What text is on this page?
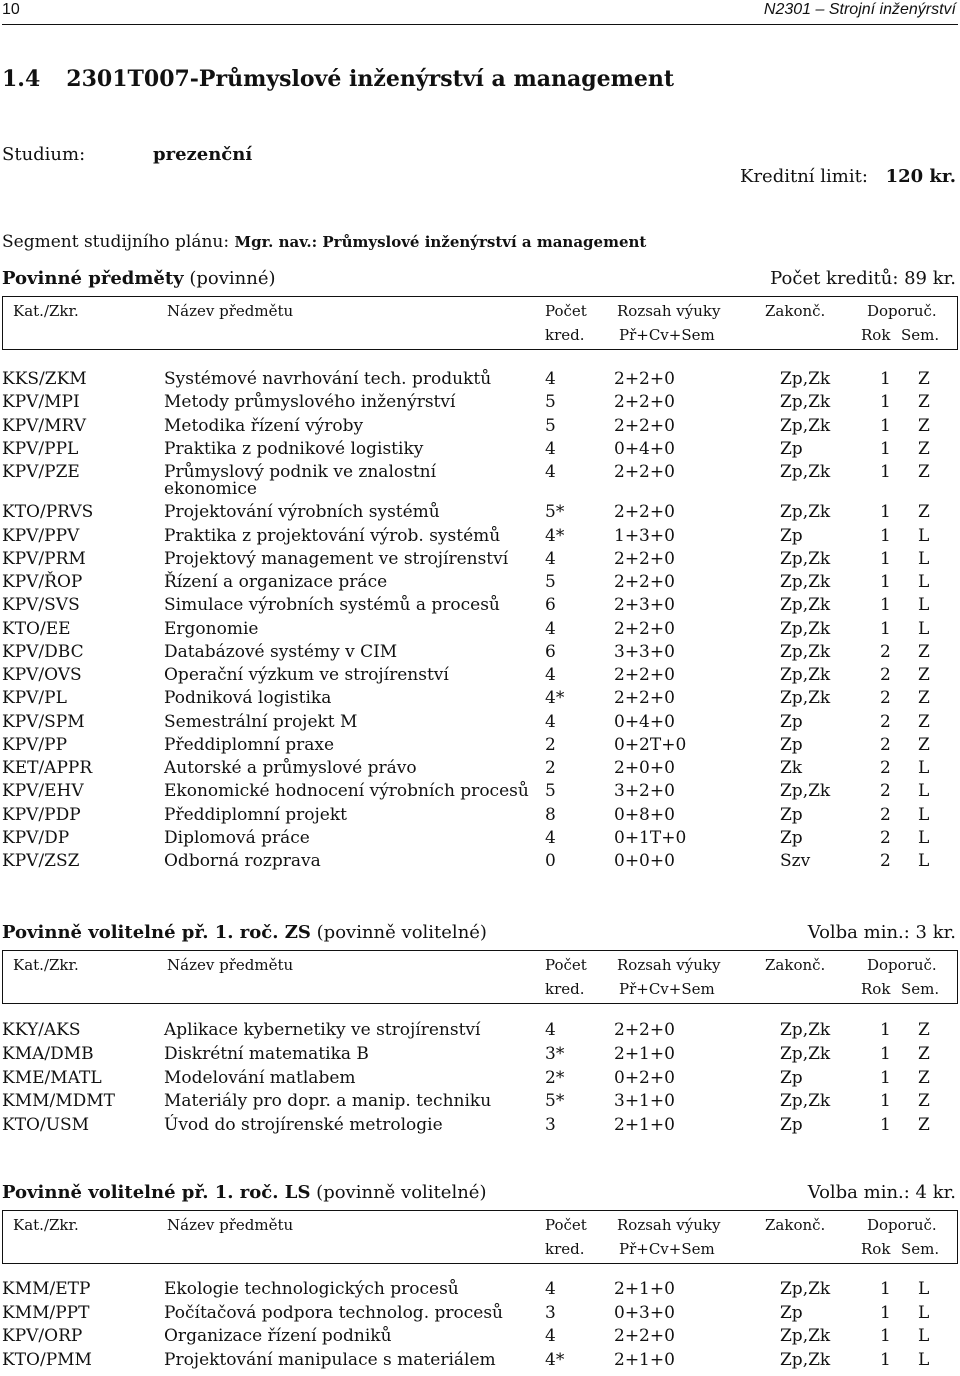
10	N2301 – Strojní inženýrství
1.4 2301T007-Průmyslové inženýrství a management
Studium:	prezenční
Kreditní limit: 120 kr.
Segment studijního plánu: Mgr. nav.: Průmyslové inženýrství a management
Povinné předměty (povinné)	Počet kreditů: 89 kr.
Kat./Zkr.	Název předmětu	Počet Rozsah výuky	Zakonč.	Doporuč.
kred. Př+Cv+Sem	Rok Sem.
KKS/ZKM	Systémové navrhování tech. produktů	4	2+2+0	Zp,Zk	1 Z
KPV/MPI	Metody průmyslového inženýrství	5	2+2+0	Zp,Zk	1 Z
KPV/MRV	Metodika řízení výroby	5	2+2+0	Zp,Zk	1 Z
KPV/PPL	Praktika z podnikové logistiky	4	0+4+0	Zp	1 Z
KPV/PZE	Průmyslový podnik ve znalostní
ekonomice
4	2+2+0	Zp,Zk	1 Z
KTO/PRVS	Projektování výrobních systémů	5*	2+2+0	Zp,Zk	1 Z
KPV/PPV	Praktika z projektování výrob. systémů	4*	1+3+0	Zp	1 L
KPV/PRM	Projektový management ve strojírenství 4	2+2+0	Zp,Zk	1 L
KPV/ŘOP	Řízení a organizace práce	5	2+2+0	Zp,Zk	1 L
KPV/SVS	Simulace výrobních systémů a procesů	6	2+3+0	Zp,Zk	1 L
KTO/EE	Ergonomie	4	2+2+0	Zp,Zk	1 L
KPV/DBC	Databázové systémy v CIM	6	3+3+0	Zp,Zk	2 Z
KPV/OVS	Operační výzkum ve strojírenství	4	2+2+0	Zp,Zk	2 Z
KPV/PL	Podniková logistika	4*	2+2+0	Zp,Zk	2 Z
KPV/SPM	Semestrální projekt M	4	0+4+0	Zp	2 Z
KPV/PP	Předdiplomní praxe	2	0+2T+0	Zp	2 Z
KET/APPR	Autorské a průmyslové právo	2	2+0+0	Zk	2 L
KPV/EHV	Ekonomické hodnocení výrobních procesů 5	3+2+0	Zp,Zk	2 L
KPV/PDP	Předdiplomní projekt	8	0+8+0	Zp	2 L
KPV/DP	Diplomová práce	4	0+1T+0	Zp	2 L
KPV/ZSZ	Odborná rozprava	0	0+0+0	Szv	2 L
Povinně volitelné př. 1. roč. ZS (povinně volitelné)	Volba min.: 3 kr.
Kat./Zkr.	Název předmětu	Počet Rozsah výuky	Zakonč.	Doporuč.
kred. Př+Cv+Sem	Rok Sem.
KKY/AKS	Aplikace kybernetiky ve strojírenství	4	2+2+0	Zp,Zk	1 Z
KMA/DMB	Diskrétní matematika B	3*	2+1+0	Zp,Zk	1 Z
KME/MATL	Modelování matlabem	2*	0+2+0	Zp	1 Z
KMM/MDMT	Materiály pro dopr. a manip. techniku	5*	3+1+0	Zp,Zk	1 Z
KTO/USM	Úvod do strojírenské metrologie	3	2+1+0	Zp	1 Z
Povinně volitelné př. 1. roč. LS (povinně volitelné)	Volba min.: 4 kr.
Kat./Zkr.	Název předmětu	Počet Rozsah výuky	Zakonč.	Doporuč.
kred. Př+Cv+Sem	Rok Sem.
KMM/ETP	Ekologie technologických procesů	4	2+1+0	Zp,Zk	1 L
KMM/PPT	Počítačová podpora technolog. procesů 3	0+3+0	Zp	1 L
KPV/ORP	Organizace řízení podniků	4	2+2+0	Zp,Zk	1 L
KTO/PMM	Projektování manipulace s materiálem	4*	2+1+0	Zp,Zk	1 L
